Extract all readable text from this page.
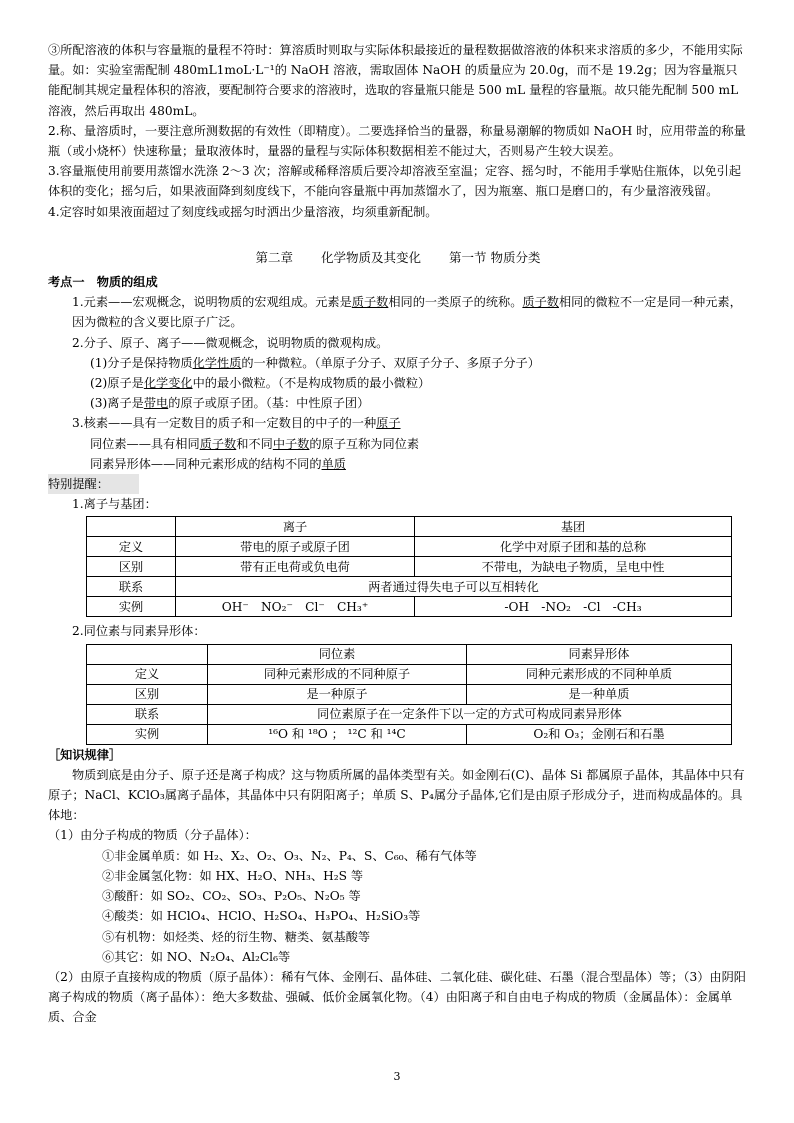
③所配溶液的体积与容量瓶的量程不符时：算溶质时则取与实际体积最接近的量程数据做溶液的体积来求溶质的多少，不能用实际量。如：实验室需配制 480mL1moL·L⁻¹的 NaOH 溶液，需取固体 NaOH 的质量应为 20.0g，而不是 19.2g；因为容量瓶只能配制其规定量程体积的溶液，要配制符合要求的溶液时，选取的容量瓶只能是 500 mL 量程的容量瓶。故只能先配制 500 mL 溶液，然后再取出 480mL。

2.称、量溶质时，一要注意所测数据的有效性（即精度）。二要选择恰当的量器，称量易潮解的物质如 NaOH 时，应用带盖的称量瓶（或小烧杯）快速称量；量取液体时，量器的量程与实际体积数据相差不能过大，否则易产生较大误差。

3.容量瓶使用前要用蒸馏水洗涤 2～3 次；溶解或稀释溶质后要冷却溶液至室温；定容、摇匀时，不能用手掌贴住瓶体，以免引起体积的变化；摇匀后，如果液面降到刻度线下，不能向容量瓶中再加蒸馏水了，因为瓶塞、瓶口是磨口的，有少量溶液残留。

4.定容时如果液面超过了刻度线或摇匀时洒出少量溶液，均须重新配制。

第二章 化学物质及其变化 第一节 物质分类

考点一　物质的组成

1.元素——宏观概念，说明物质的宏观组成。元素是质子数相同的一类原子的统称。质子数相同的微粒不一定是同一种元素，因为微粒的含义要比原子广泛。

2.分子、原子、离子——微观概念，说明物质的微观构成。

(1)分子是保持物质化学性质的一种微粒。（单原子分子、双原子分子、多原子分子）

(2)原子是化学变化中的最小微粒。（不是构成物质的最小微粒）

(3)离子是带电的原子或原子团。（基：中性原子团）

3.核素——具有一定数目的质子和一定数目的中子的一种原子

同位素——具有相同质子数和不同中子数的原子互称为同位素

同素异形体——同种元素形成的结构不同的单质

特别提醒：

1.离子与基团：

	离子	基团
定义	带电的原子或原子团	化学中对原子团和基的总称
区别	带有正电荷或负电荷	不带电，为缺电子物质，呈电中性
联系	两者通过得失电子可以互相转化	
实例	OH⁻　NO₂⁻　Cl⁻　CH₃⁺	-OH　-NO₂　-Cl　-CH₃

2.同位素与同素异形体：

	同位素	同素异形体
定义	同种元素形成的不同种原子	同种元素形成的不同种单质
区别	是一种原子	是一种单质
联系	同位素原子在一定条件下以一定的方式可构成同素异形体	
实例	¹⁶O 和 ¹⁸O ； ¹²C 和 ¹⁴C	O₂和 O₃；金刚石和石墨

［知识规律］

物质到底是由分子、原子还是离子构成？这与物质所属的晶体类型有关。如金刚石(C)、晶体 Si 都属原子晶体，其晶体中只有原子；NaCl、KClO₃属离子晶体，其晶体中只有阴阳离子；单质 S、P₄属分子晶体,它们是由原子形成分子，进而构成晶体的。具体地：

（1）由分子构成的物质（分子晶体）：

①非金属单质：如 H₂、X₂、O₂、O₃、N₂、P₄、S、C₆₀、稀有气体等

②非金属氢化物：如 HX、H₂O、NH₃、H₂S 等

③酸酐：如 SO₂、CO₂、SO₃、P₂O₅、N₂O₅ 等

④酸类：如 HClO₄、HClO、H₂SO₄、H₃PO₄、H₂SiO₃等

⑤有机物：如烃类、烃的衍生物、糖类、氨基酸等

⑥其它：如 NO、N₂O₄、Al₂Cl₆等

（2）由原子直接构成的物质（原子晶体）：稀有气体、金刚石、晶体硅、二氧化硅、碳化硅、石墨（混合型晶体）等；（3）由阴阳离子构成的物质（离子晶体）：绝大多数盐、强碱、低价金属氧化物。（4）由阳离子和自由电子构成的物质（金属晶体）：金属单质、合金

3
